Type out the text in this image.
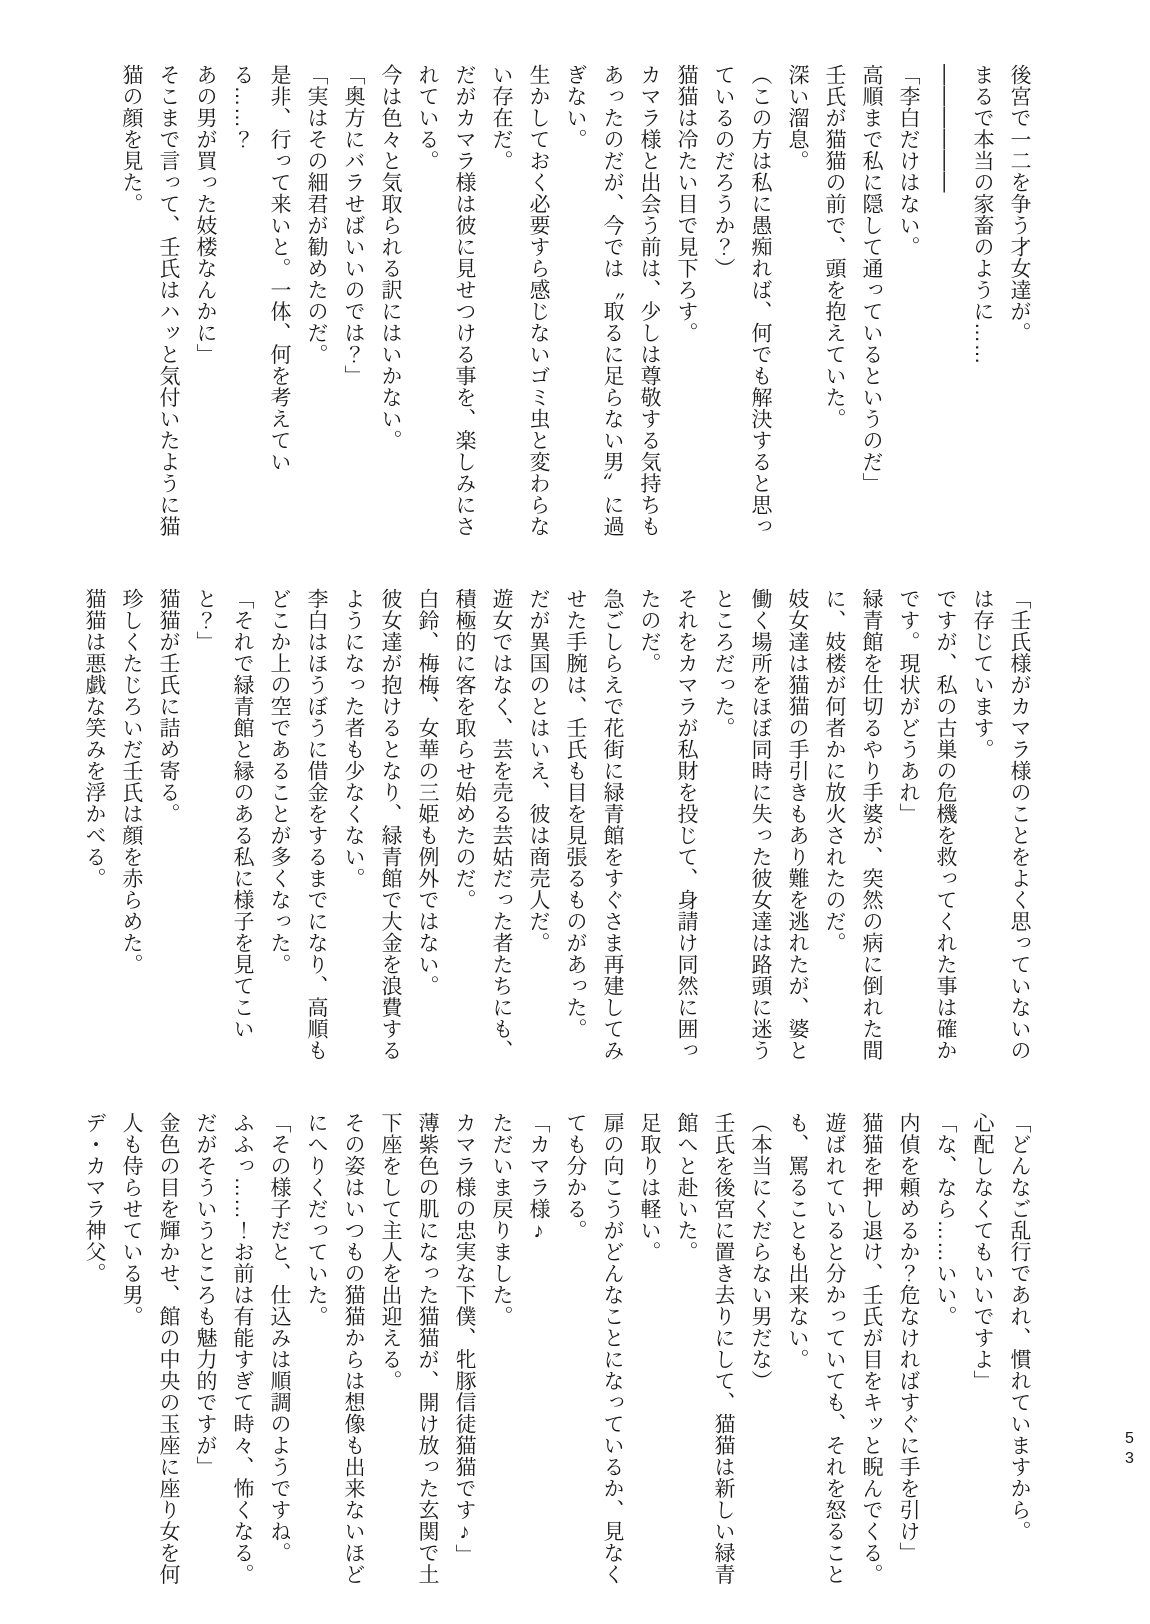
後宮で一二を争う才女達が。

まるで本当の家畜のように……

――――――

「李白だけはない。

高順まで私に隠して通っているというのだ」

壬氏が猫猫の前で、頭を抱えていた。

深い溜息。

（この方は私に愚痴れば、何でも解決すると思っているのだろうか？）

猫猫は冷たい目で見下ろす。

カマラ様と出会う前は、少しは尊敬する気持ちもあったのだが、今では〝取るに足らない男〞に過ぎない。

生かしておく必要すら感じないゴミ虫と変わらない存在だ。

だがカマラ様は彼に見せつける事を、楽しみにされている。

今は色々と気取られる訳にはいかない。

「奥方にバラせばいいのでは？」

「実はその細君が勧めたのだ。

是非、行って来いと。一体、何を考えている……？

あの男が買った妓楼なんかに」

そこまで言って、壬氏はハッと気付いたように猫猫の顔を見た。

「壬氏様がカマラ様のことをよく思っていないのは存じています。

ですが、私の古巣の危機を救ってくれた事は確かです。現状がどうあれ」

緑青館を仕切るやり手婆が、突然の病に倒れた間に、妓楼が何者かに放火されたのだ。

妓女達は猫猫の手引きもあり難を逃れたが、婆と働く場所をほぼ同時に失った彼女達は路頭に迷うところだった。

それをカマラが私財を投じて、身請け同然に囲ったのだ。

急ごしらえで花街に緑青館をすぐさま再建してみせた手腕は、壬氏も目を見張るものがあった。

だが異国のとはいえ、彼は商売人だ。

遊女ではなく、芸を売る芸姑だった者たちにも、積極的に客を取らせ始めたのだ。

白鈴、梅梅、女華の三姫も例外ではない。

彼女達が抱けるとなり、緑青館で大金を浪費するようになった者も少なくない。

李白はほうぼうに借金をするまでになり、高順もどこか上の空であることが多くなった。

「それで緑青館と縁のある私に様子を見てこいと？」

猫猫が壬氏に詰め寄る。

珍しくたじろいだ壬氏は顔を赤らめた。

猫猫は悪戯な笑みを浮かべる。

「どんなご乱行であれ、慣れていますから。

心配しなくてもいいですよ」

「な、なら……いい。

内偵を頼めるか？危なければすぐに手を引け」

猫猫を押し退け、壬氏が目をキッと睨んでくる。

遊ばれていると分かっていても、それを怒ることも、罵ることも出来ない。

（本当にくだらない男だな）

壬氏を後宮に置き去りにして、猫猫は新しい緑青館へと赴いた。

足取りは軽い。

扉の向こうがどんなことになっているか、見なくても分かる。

「カマラ様♪

ただいま戻りました。

カマラ様の忠実な下僕、牝豚信徒猫猫です♪」

薄紫色の肌になった猫猫が、開け放った玄関で土下座をして主人を出迎える。

その姿はいつもの猫猫からは想像も出来ないほどにへりくだっていた。

「その様子だと、仕込みは順調のようですね。

ふふっ……！お前は有能すぎて時々、怖くなる。

だがそういうところも魅力的ですが」

金色の目を輝かせ、館の中央の玉座に座り女を何人も侍らせている男。

デ・カマラ神父。

53
